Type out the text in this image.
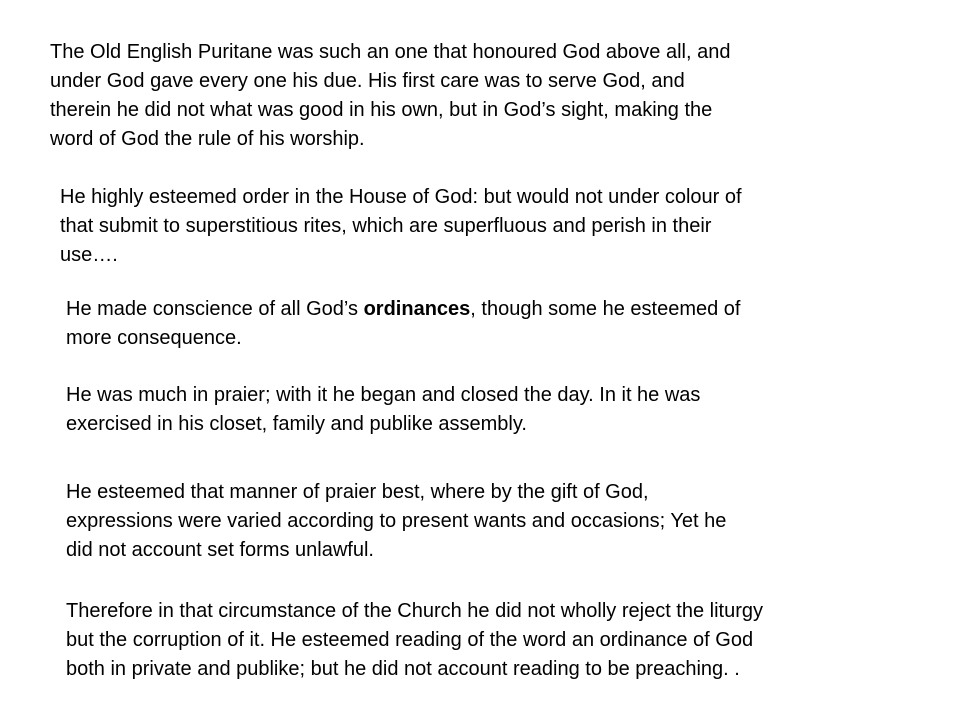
The Old English Puritane was such an one that honoured God above all, and
under God gave every one his due. His first care was to serve God, and
therein he did not what was good in his own, but in God’s sight, making the
word of God the rule of his worship.

He highly esteemed order in the House of God: but would not under colour of
that submit to superstitious rites, which are superfluous and perish in their
use….

He made conscience of all God’s ordinances, though some he esteemed of
more consequence.

He was much in praier; with it he began and closed the day. In it he was
exercised in his closet, family and publike assembly.

He esteemed that manner of praier best, where by the gift of God,
expressions were varied according to present wants and occasions; Yet he
did not account set forms unlawful.

Therefore in that circumstance of the Church he did not wholly reject the liturgy
but the corruption of it. He esteemed reading of the word an ordinance of God
both in private and publike; but he did not account reading to be preaching. .
